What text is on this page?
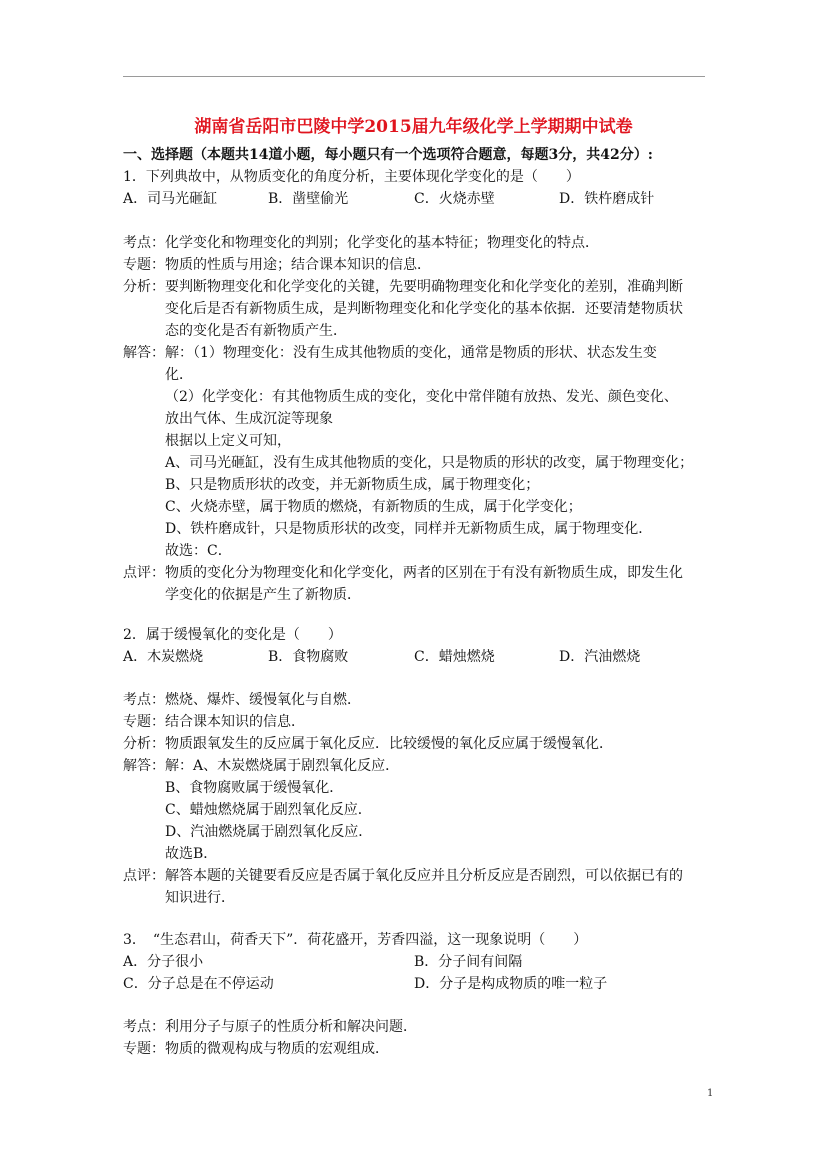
湖南省岳阳市巴陵中学2015届九年级化学上学期期中试卷
一、选择题（本题共14道小题，每小题只有一个选项符合题意，每题3分，共42分）:
1．下列典故中，从物质变化的角度分析，主要体现化学变化的是（　　）
A．司马光砸缸	B．凿壁偷光	C．火烧赤壁	D．铁杵磨成针
考点：化学变化和物理变化的判别；化学变化的基本特征；物理变化的特点．
专题：物质的性质与用途；结合课本知识的信息．
分析：要判断物理变化和化学变化的关键，先要明确物理变化和化学变化的差别，准确判断
变化后是否有新物质生成，是判断物理变化和化学变化的基本依据．还要清楚物质状
态的变化是否有新物质产生．
解答：解：（1）物理变化：没有生成其他物质的变化，通常是物质的形状、状态发生变
化．
（2）化学变化：有其他物质生成的变化，变化中常伴随有放热、发光、颜色变化、
放出气体、生成沉淀等现象
根据以上定义可知，
A、司马光砸缸，没有生成其他物质的变化，只是物质的形状的改变，属于物理变化；
B、只是物质形状的改变，并无新物质生成，属于物理变化；
C、火烧赤壁，属于物质的燃烧，有新物质的生成，属于化学变化；
D、铁杵磨成针，只是物质形状的改变，同样并无新物质生成，属于物理变化．
故选：C．
点评：物质的变化分为物理变化和化学变化，两者的区别在于有没有新物质生成，即发生化
学变化的依据是产生了新物质．
2．属于缓慢氧化的变化是（　　）
A．木炭燃烧	B．食物腐败	C．蜡烛燃烧	D．汽油燃烧
考点：燃烧、爆炸、缓慢氧化与自燃．
专题：结合课本知识的信息．
分析：物质跟氧发生的反应属于氧化反应．比较缓慢的氧化反应属于缓慢氧化．
解答：解：A、木炭燃烧属于剧烈氧化反应．
B、食物腐败属于缓慢氧化．
C、蜡烛燃烧属于剧烈氧化反应．
D、汽油燃烧属于剧烈氧化反应．
故选B．
点评：解答本题的关键要看反应是否属于氧化反应并且分析反应是否剧烈，可以依据已有的
知识进行．
3．　“生态君山，荷香天下”．荷花盛开，芳香四溢，这一现象说明（　　）
A．分子很小	B．分子间有间隔
C．分子总是在不停运动	D．分子是构成物质的唯一粒子
考点：利用分子与原子的性质分析和解决问题．
专题：物质的微观构成与物质的宏观组成．
1
